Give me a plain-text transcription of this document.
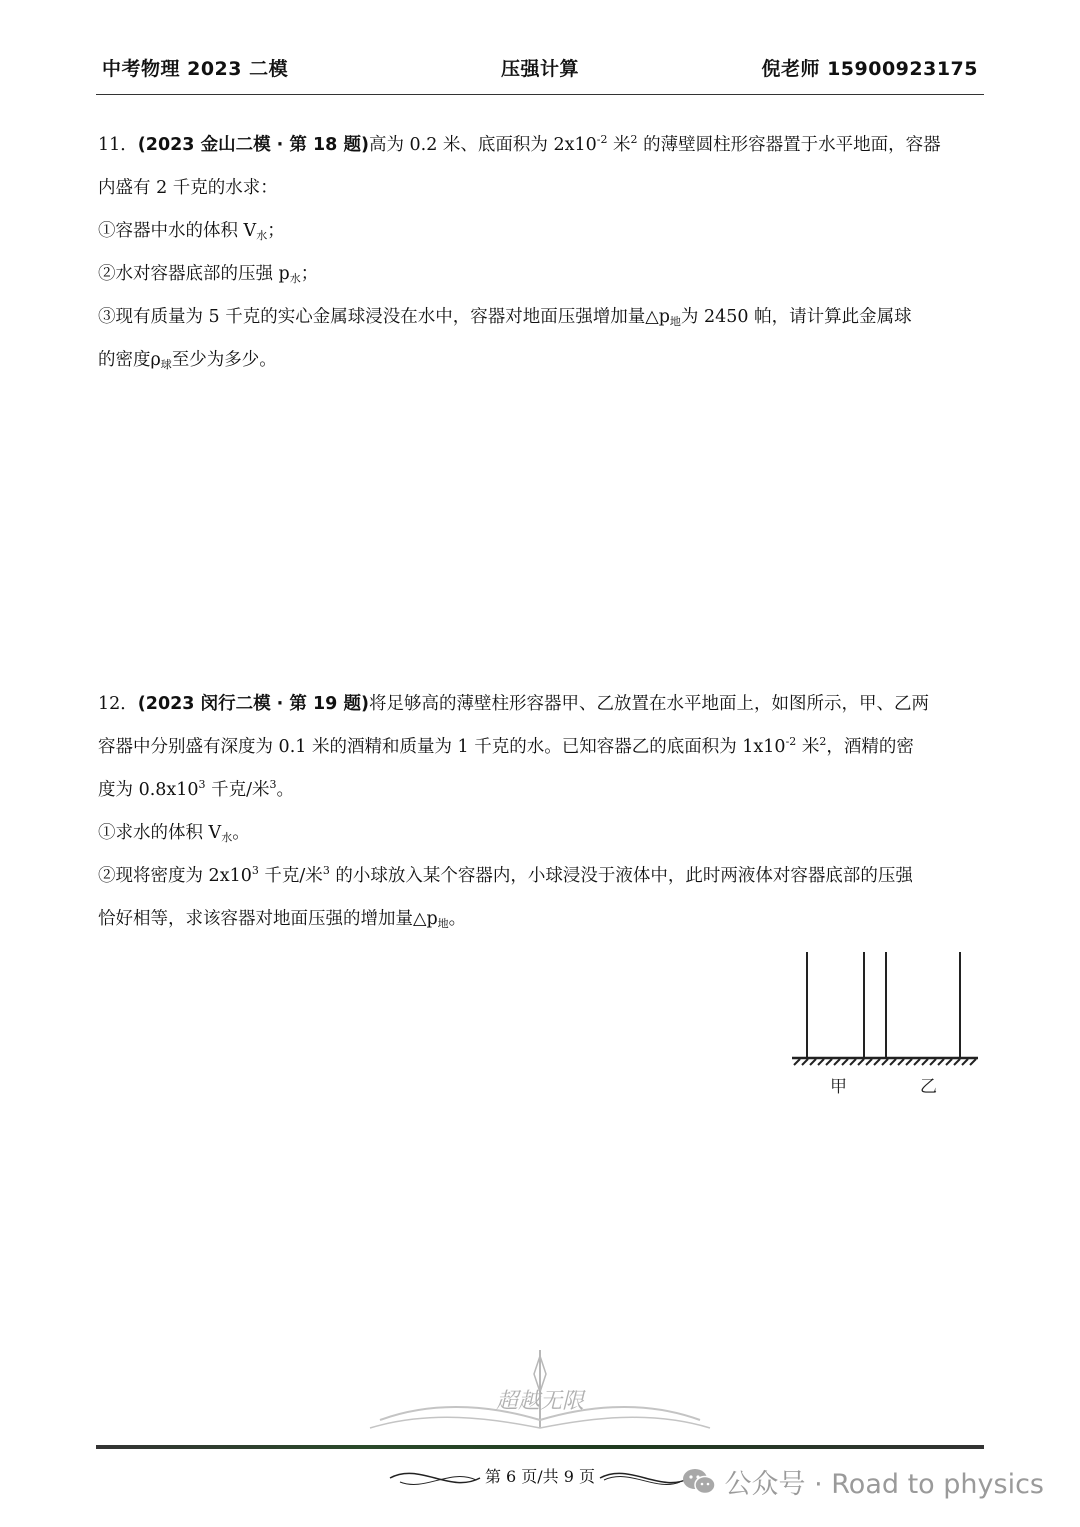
中考物理 2023 二模	压强计算	倪老师 15900923175

11．(2023 金山二模 · 第 18 题)高为 0.2 米、底面积为 $2x10^{-2}$ 米$^2$ 的薄壁圆柱形容器置于水平地面，容器

内盛有 2 千克的水求：

①容器中水的体积 $V_水$；

②水对容器底部的压强 $p_水$；

③现有质量为 5 千克的实心金属球浸没在水中，容器对地面压强增加量$\triangle p_地$为 2450 帕，请计算此金属球

的密度$\rho_球$至少为多少。

12．(2023 闵行二模 · 第 19 题)将足够高的薄壁柱形容器甲、乙放置在水平地面上，如图所示，甲、乙两

容器中分别盛有深度为 0.1 米的酒精和质量为 1 千克的水。已知容器乙的底面积为 $1x10^{-2}$ 米$^2$，酒精的密

度为 $0.8x10^3$ 千克/米$^3$。

①求水的体积 $V_水$。

②现将密度为 $2x10^3$ 千克/米$^3$ 的小球放入某个容器内，小球浸没于液体中，此时两液体对容器底部的压强

恰好相等，求该容器对地面压强的增加量$\triangle p_地$。

甲	乙
超越无限
第 6 页/共 9 页	公众号 · Road to physics
